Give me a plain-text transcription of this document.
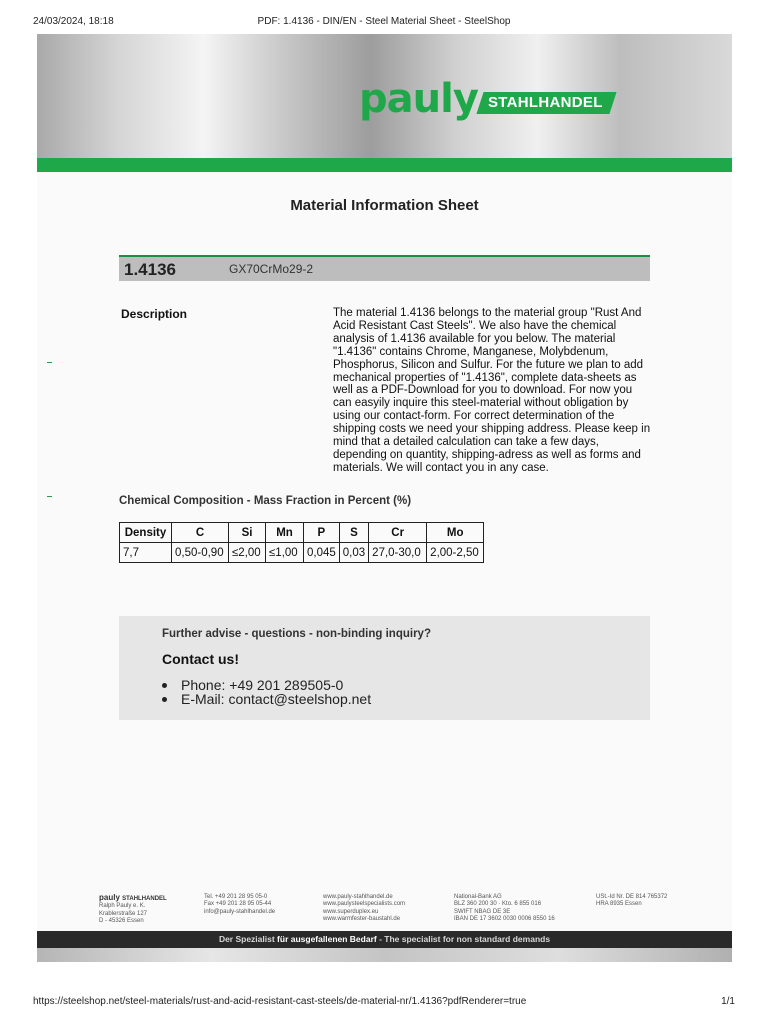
24/03/2024, 18:18	PDF: 1.4136 - DIN/EN - Steel Material Sheet - SteelShop
pauly STAHLHANDEL
Material Information Sheet
1.4136	GX70CrMo29-2
Description	The material 1.4136 belongs to the material group "Rust And Acid Resistant Cast Steels". We also have the chemical analysis of 1.4136 available for you below. The material "1.4136" contains Chrome, Manganese, Molybdenum, Phosphorus, Silicon and Sulfur. For the future we plan to add mechanical properties of "1.4136", complete data-sheets as well as a PDF-Download for you to download. For now you can easyily inquire this steel-material without obligation by using our contact-form. For correct determination of the shipping costs we need your shipping address. Please keep in mind that a detailed calculation can take a few days, depending on quantity, shipping-adress as well as forms and materials. We will contact you in any case.
Chemical Composition - Mass Fraction in Percent (%)
Density	C	Si	Mn	P	S	Cr	Mo
7,7	0,50-0,90	≤2,00	≤1,00	0,045	0,03	27,0-30,0	2,00-2,50
Further advise - questions - non-binding inquiry?
Contact us!
Phone: +49 201 289505-0
E-Mail: contact@steelshop.net
pauly STAHLHANDEL
Ralph Pauly e. K.
Krablerstraße 127
D - 45326 Essen
Tel. +49 201 28 95 05-0
Fax +49 201 28 95 05-44
info@pauly-stahlhandel.de
www.pauly-stahlhandel.de
www.paulysteelspecialists.com
www.superduplex.eu
www.warmfester-baustahl.de
National-Bank AG
BLZ 360 200 30 · Kto. 6 855 016
SWIFT NBAG DE 3E
IBAN DE 17 3602 0030 0006 8550 16
USt.-Id Nr. DE 814 765372
HRA 8935 Essen
Der Spezialist für ausgefallenen Bedarf - The specialist for non standard demands
https://steelshop.net/steel-materials/rust-and-acid-resistant-cast-steels/de-material-nr/1.4136?pdfRenderer=true	1/1
